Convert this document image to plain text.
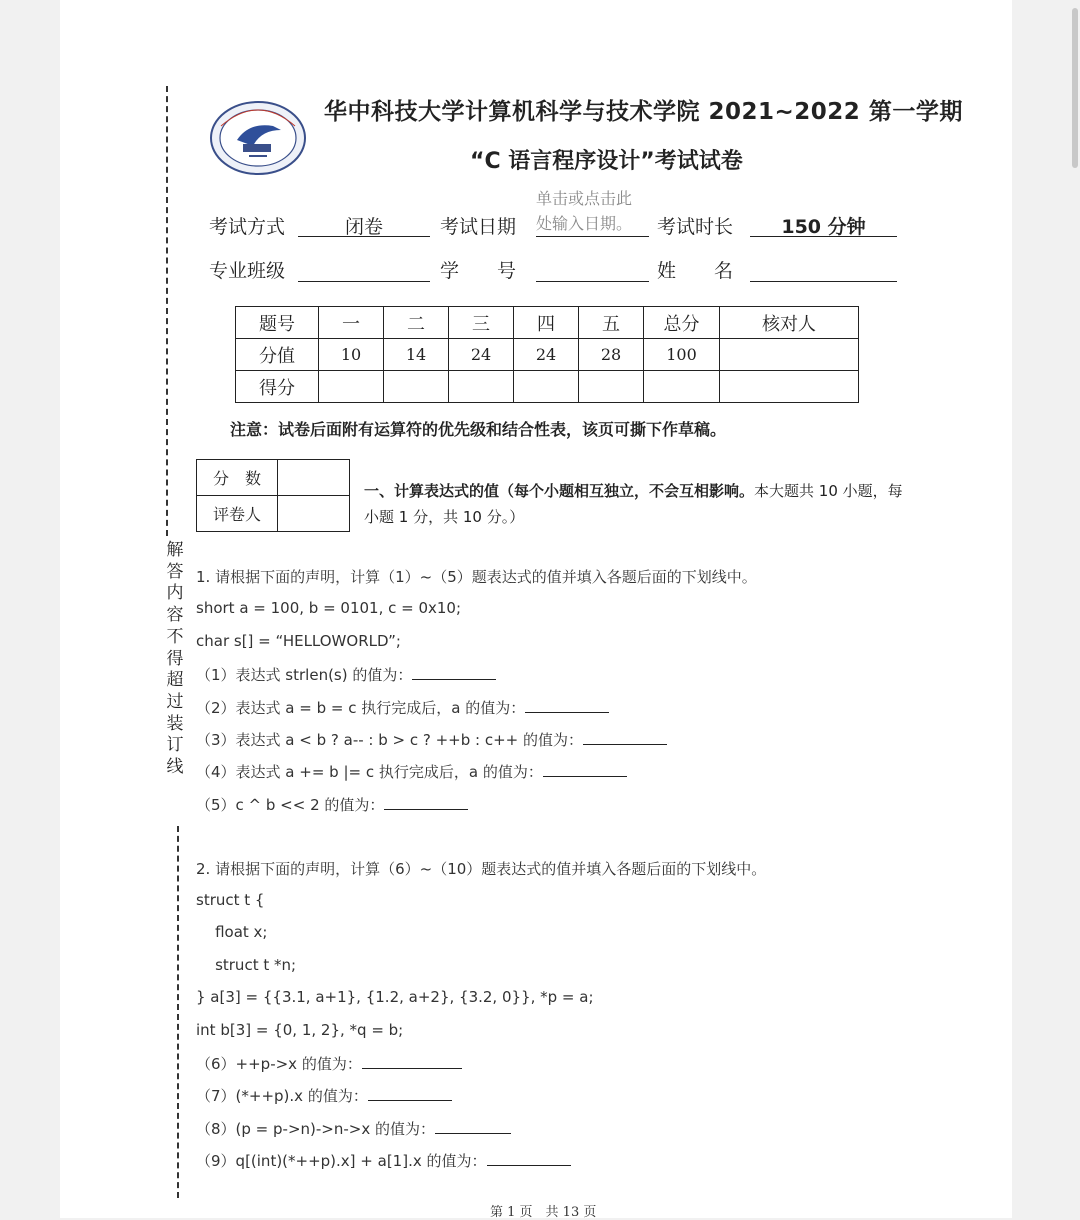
解
答
内
容
不
得
超
过
装
订
线
华中科技大学计算机科学与技术学院 2021~2022 第一学期
“C 语言程序设计”考试试卷
考试方式	闭卷	考试日期
单击或点击此
处输入日期。	考试时长	150 分钟
专业班级	学　　号	姓　　名
题号	一	二	三	四	五	总分	核对人
分值	10	14	24	24	28	100	
得分							
注意：试卷后面附有运算符的优先级和结合性表，该页可撕下作草稿。
分　数	
评卷人	
一、计算表达式的值（每个小题相互独立，不会互相影响。本大题共 10 小题，每小题 1 分，共 10 分。）
1. 请根据下面的声明，计算（1）~（5）题表达式的值并填入各题后面的下划线中。
short a = 100, b = 0101, c = 0x10;
char s[] = “HELLOWORLD”;
（1）表达式 strlen(s) 的值为：
（2）表达式 a = b = c 执行完成后，a 的值为：
（3）表达式 a < b ? a-- : b > c ? ++b : c++ 的值为：
（4）表达式 a += b |= c 执行完成后，a 的值为：
（5）c ^ b << 2 的值为：
2. 请根据下面的声明，计算（6）~（10）题表达式的值并填入各题后面的下划线中。
struct t {
float x;
struct t *n;
} a[3] = {{3.1, a+1}, {1.2, a+2}, {3.2, 0}}, *p = a;
int b[3] = {0, 1, 2}, *q = b;
（6）++p->x 的值为：
（7）(*++p).x 的值为：
（8）(p = p->n)->n->x 的值为：
（9）q[(int)(*++p).x] + a[1].x 的值为：
第 1 页　共 13 页
